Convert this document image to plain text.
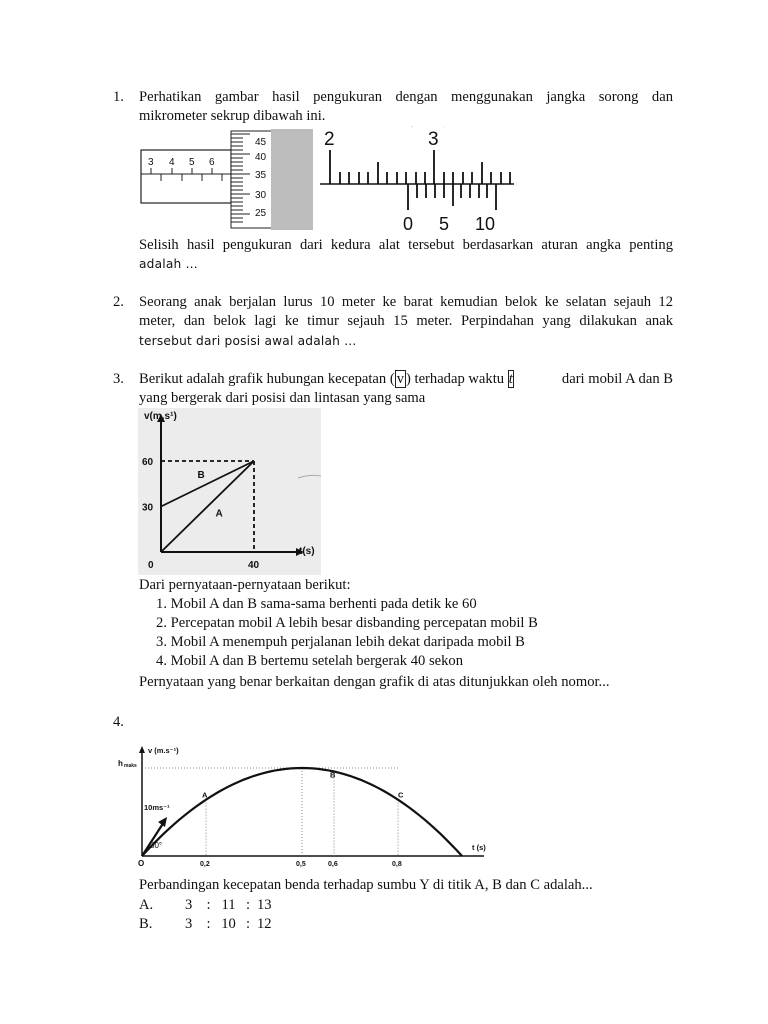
1. Perhatikan gambar hasil pengukuran dengan menggunakan jangka sorong dan
mikrometer sekrup dibawah ini.
3 4 5 6
45
40
35
30
25
2	3
´	˙
0 5 10
Selisih hasil pengukuran dari kedura alat tersebut berdasarkan aturan angka penting
adalah …
2. Seorang anak berjalan lurus 10 meter ke barat kemudian belok ke selatan sejauh 12
meter, dan belok lagi ke timur sejauh 15 meter. Perpindahan yang dilakukan anak
tersebut dari posisi awal adalah …
3. Berikut adalah grafik hubungan kecepatan ( v ) terhadap waktu t	dari mobil A dan B
yang bergerak dari posisi dan lintasan yang sama
v(m.s¹)
t(s)
0
60
30
40
A
B
Dari pernyataan-pernyataan berikut:
1. Mobil A dan B sama-sama berhenti pada detik ke 60
2. Percepatan mobil A lebih besar disbanding percepatan mobil B
3. Mobil A menempuh perjalanan lebih dekat daripada mobil B
4. Mobil A dan B bertemu setelah bergerak 40 sekon
Pernyataan yang benar berkaitan dengan grafik di atas ditunjukkan oleh nomor...
4.
v (m.s⁻¹)
t (s)
h maks
O	0,2	0,5	0,6	0,8
10ms⁻¹
30°
A
B
C
Perbandingan kecepatan benda terhadap sumbu Y di titik A, B dan C adalah...
A. 3 : 11 : 13
B. 3 : 10 : 12
